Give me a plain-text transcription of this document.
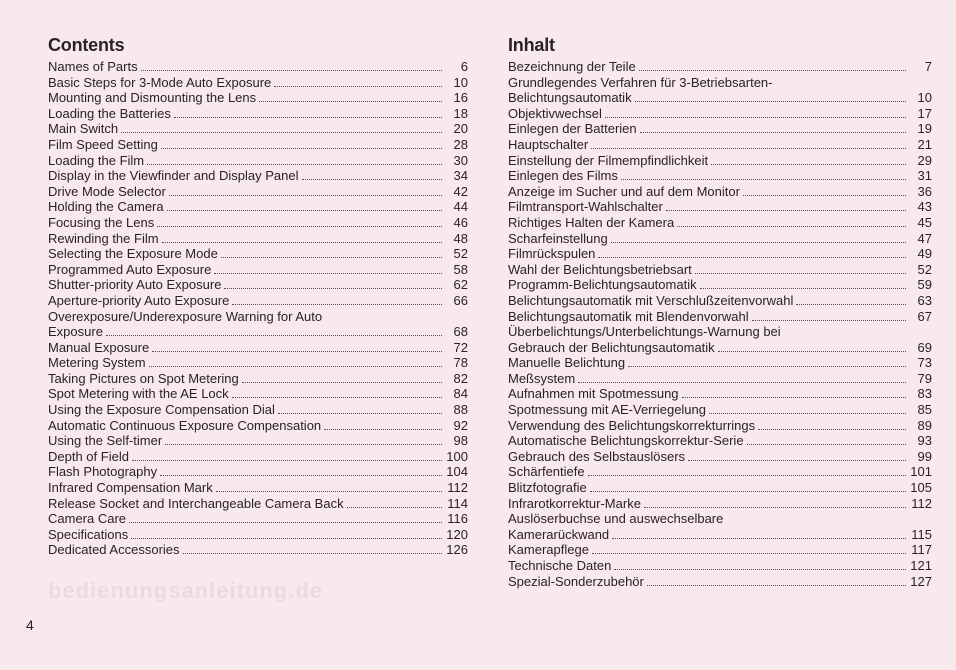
Contents
Names of Parts	6
Basic Steps for 3-Mode Auto Exposure	10
Mounting and Dismounting the Lens	16
Loading the Batteries	18
Main Switch	20
Film Speed Setting	28
Loading the Film	30
Display in the Viewfinder and Display Panel	34
Drive Mode Selector	42
Holding the Camera	44
Focusing the Lens	46
Rewinding the Film	48
Selecting the Exposure Mode	52
Programmed Auto Exposure	58
Shutter-priority Auto Exposure	62
Aperture-priority Auto Exposure	66
Overexposure/Underexposure Warning for Auto
Exposure	68
Manual Exposure	72
Metering System	78
Taking Pictures on Spot Metering	82
Spot Metering with the AE Lock	84
Using the Exposure Compensation Dial	88
Automatic Continuous Exposure Compensation	92
Using the Self-timer	98
Depth of Field	100
Flash Photography	104
Infrared Compensation Mark	112
Release Socket and Interchangeable Camera Back	114
Camera Care	116
Specifications	120
Dedicated Accessories	126
Inhalt
Bezeichnung der Teile	7
Grundlegendes Verfahren für 3-Betriebsarten-
Belichtungsautomatik	10
Objektivwechsel	17
Einlegen der Batterien	19
Hauptschalter	21
Einstellung der Filmempfindlichkeit	29
Einlegen des Films	31
Anzeige im Sucher und auf dem Monitor	36
Filmtransport-Wahlschalter	43
Richtiges Halten der Kamera	45
Scharfeinstellung	47
Filmrückspulen	49
Wahl der Belichtungsbetriebsart	52
Programm-Belichtungsautomatik	59
Belichtungsautomatik mit Verschlußzeitenvorwahl	63
Belichtungsautomatik mit Blendenvorwahl	67
Überbelichtungs/Unterbelichtungs-Warnung bei
Gebrauch der Belichtungsautomatik	69
Manuelle Belichtung	73
Meßsystem	79
Aufnahmen mit Spotmessung	83
Spotmessung mit AE-Verriegelung	85
Verwendung des Belichtungskorrekturrings	89
Automatische Belichtungskorrektur-Serie	93
Gebrauch des Selbstauslösers	99
Schärfentiefe	101
Blitzfotografie	105
Infrarotkorrektur-Marke	112
Auslöserbuchse und auswechselbare
Kamerarückwand	115
Kamerapflege	117
Technische Daten	121
Spezial-Sonderzubehör	127
bedienungsanleitung.de
4
